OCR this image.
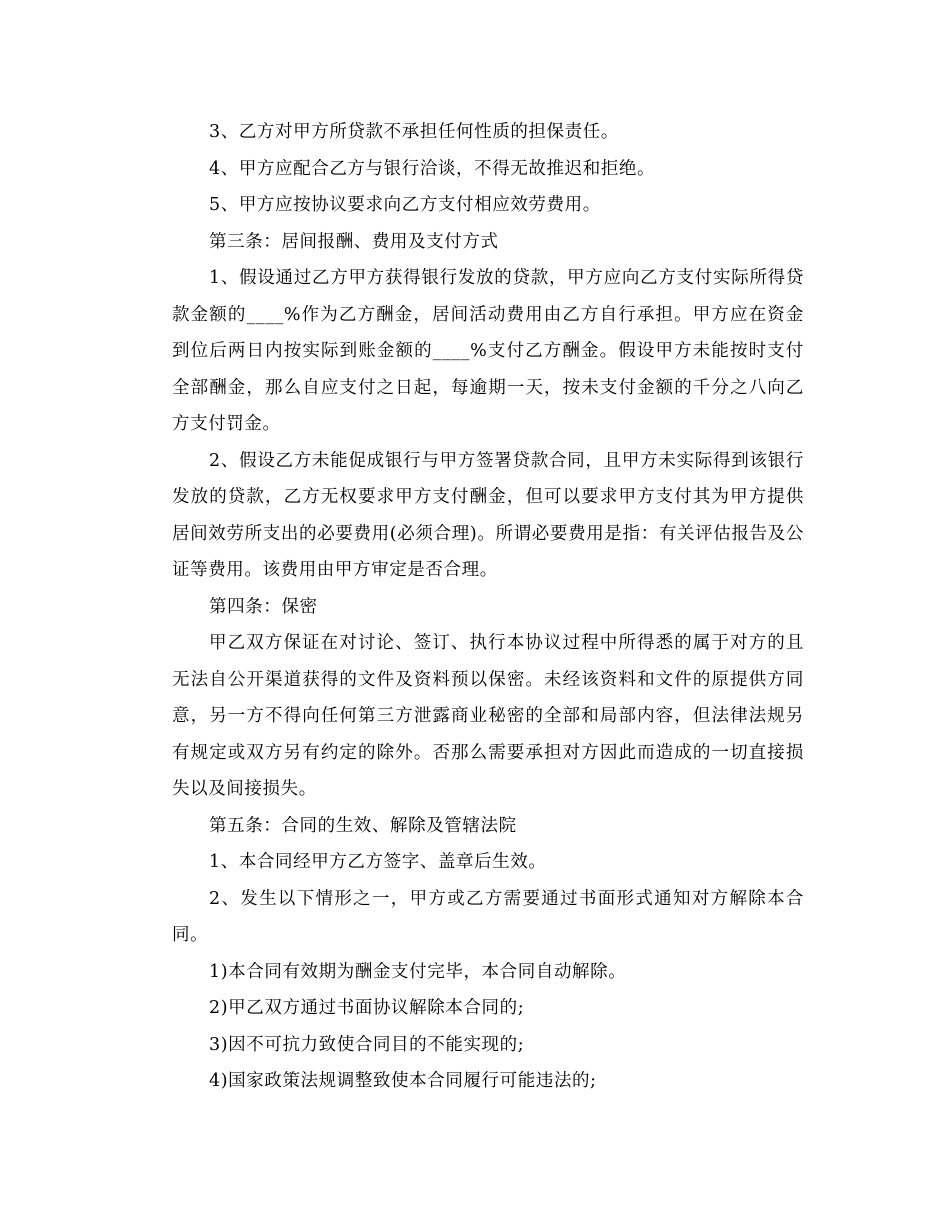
3、乙方对甲方所贷款不承担任何性质的担保责任。

4、甲方应配合乙方与银行洽谈，不得无故推迟和拒绝。

5、甲方应按协议要求向乙方支付相应效劳费用。

第三条：居间报酬、费用及支付方式

1、假设通过乙方甲方获得银行发放的贷款，甲方应向乙方支付实际所得贷款金额的____%作为乙方酬金，居间活动费用由乙方自行承担。甲方应在资金到位后两日内按实际到账金额的____%支付乙方酬金。假设甲方未能按时支付全部酬金，那么自应支付之日起，每逾期一天，按未支付金额的千分之八向乙方支付罚金。

2、假设乙方未能促成银行与甲方签署贷款合同，且甲方未实际得到该银行发放的贷款，乙方无权要求甲方支付酬金，但可以要求甲方支付其为甲方提供居间效劳所支出的必要费用(必须合理)。所谓必要费用是指：有关评估报告及公证等费用。该费用由甲方审定是否合理。

第四条：保密

甲乙双方保证在对讨论、签订、执行本协议过程中所得悉的属于对方的且无法自公开渠道获得的文件及资料预以保密。未经该资料和文件的原提供方同意，另一方不得向任何第三方泄露商业秘密的全部和局部内容，但法律法规另有规定或双方另有约定的除外。否那么需要承担对方因此而造成的一切直接损失以及间接损失。

第五条：合同的生效、解除及管辖法院

1、本合同经甲方乙方签字、盖章后生效。

2、发生以下情形之一，甲方或乙方需要通过书面形式通知对方解除本合同。

1)本合同有效期为酬金支付完毕，本合同自动解除。

2)甲乙双方通过书面协议解除本合同的;

3)因不可抗力致使合同目的不能实现的;

4)国家政策法规调整致使本合同履行可能违法的;
